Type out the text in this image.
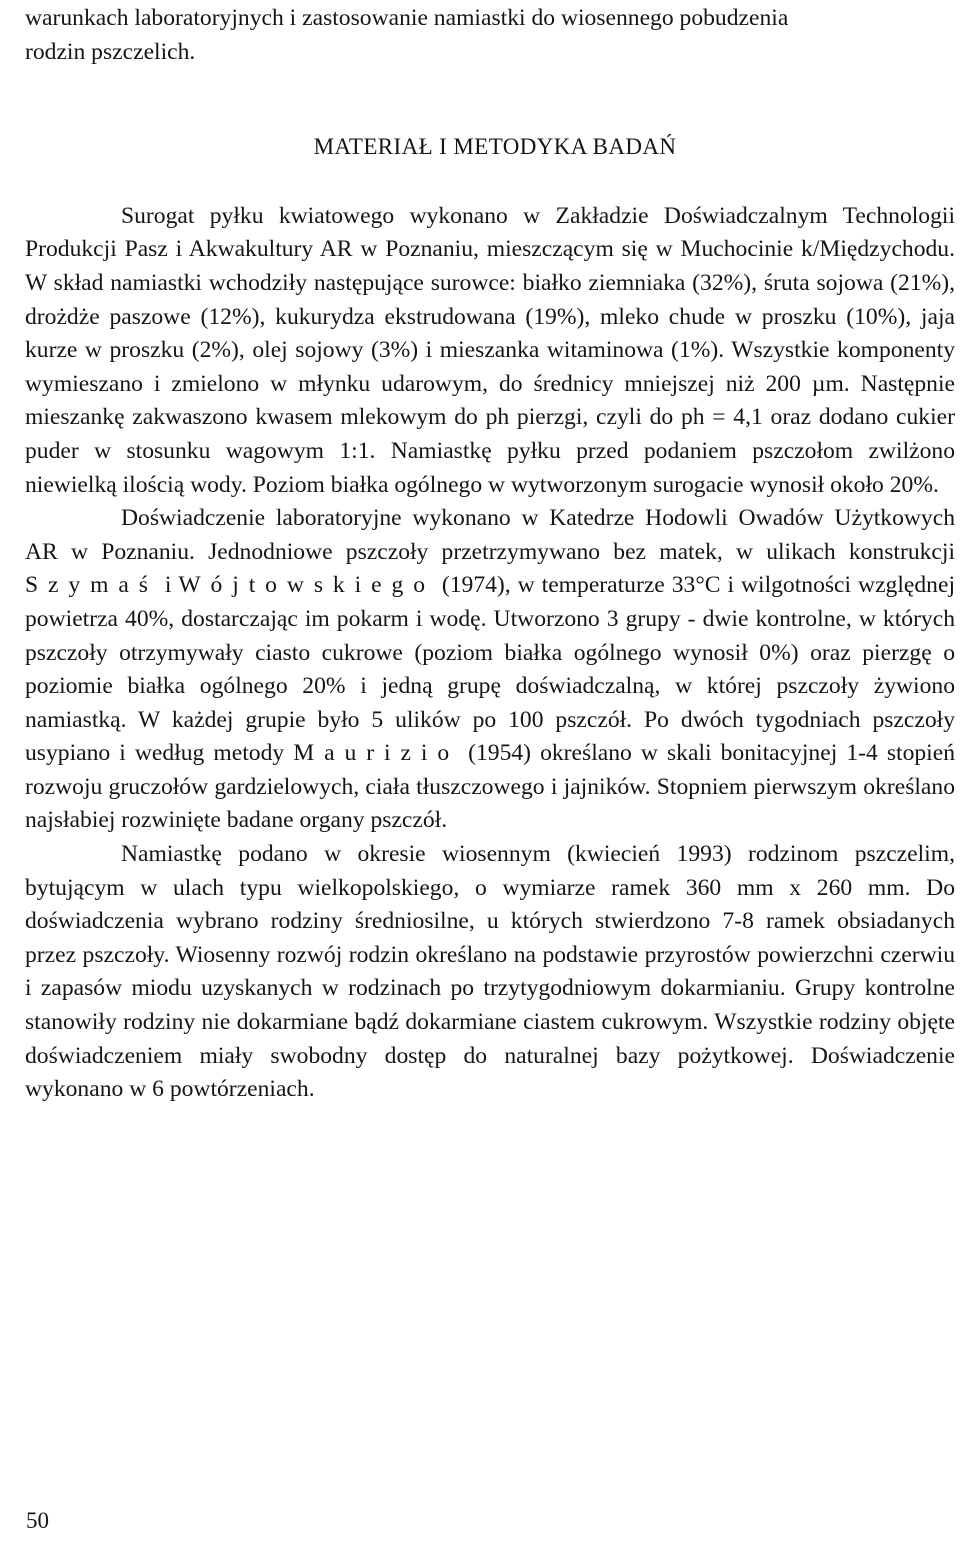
warunkach laboratoryjnych i zastosowanie namiastki do wiosennego pobudzenia
rodzin pszczelich.

MATERIAŁ I METODYKA BADAŃ

Surogat pyłku kwiatowego wykonano w Zakładzie Doświadczalnym Technologii Produkcji Pasz i Akwakultury AR w Poznaniu, mieszczącym się w Muchocinie k/Międzychodu. W skład namiastki wchodziły następujące surowce: białko ziemniaka (32%), śruta sojowa (21%), drożdże paszowe (12%), kukurydza ekstrudowana (19%), mleko chude w proszku (10%), jaja kurze w proszku (2%), olej sojowy (3%) i mieszanka witaminowa (1%). Wszystkie komponenty wymieszano i zmielono w młynku udarowym, do średnicy mniejszej niż 200 µm. Następnie mieszankę zakwaszono kwasem mlekowym do ph pierzgi, czyli do ph = 4,1 oraz dodano cukier puder w stosunku wagowym 1:1. Namiastkę pyłku przed podaniem pszczołom zwilżono niewielką ilością wody. Poziom białka ogólnego w wytworzonym surogacie wynosił około 20%.

Doświadczenie laboratoryjne wykonano w Katedrze Hodowli Owadów Użytkowych AR w Poznaniu. Jednodniowe pszczoły przetrzymywano bez matek, w ulikach konstrukcji Szymaś i Wójtowskiego (1974), w temperaturze 33°C i wilgotności względnej powietrza 40%, dostarczając im pokarm i wodę. Utworzono 3 grupy - dwie kontrolne, w których pszczoły otrzymywały ciasto cukrowe (poziom białka ogólnego wynosił 0%) oraz pierzgę o poziomie białka ogólnego 20% i jedną grupę doświadczalną, w której pszczoły żywiono namiastką. W każdej grupie było 5 ulików po 100 pszczół. Po dwóch tygodniach pszczoły usypiano i według metody Maurizio (1954) określano w skali bonitacyjnej 1-4 stopień rozwoju gruczołów gardzielowych, ciała tłuszczowego i jajników. Stopniem pierwszym określano najsłabiej rozwinięte badane organy pszczół.

Namiastkę podano w okresie wiosennym (kwiecień 1993) rodzinom pszczelim, bytującym w ulach typu wielkopolskiego, o wymiarze ramek 360 mm x 260 mm. Do doświadczenia wybrano rodziny średniosilne, u których stwierdzono 7-8 ramek obsiadanych przez pszczoły. Wiosenny rozwój rodzin określano na podstawie przyrostów powierzchni czerwiu i zapasów miodu uzyskanych w rodzinach po trzytygodniowym dokarmianiu. Grupy kontrolne stanowiły rodziny nie dokarmiane bądź dokarmiane ciastem cukrowym. Wszystkie rodziny objęte doświadczeniem miały swobodny dostęp do naturalnej bazy pożytkowej. Doświadczenie wykonano w 6 powtórzeniach.

50
